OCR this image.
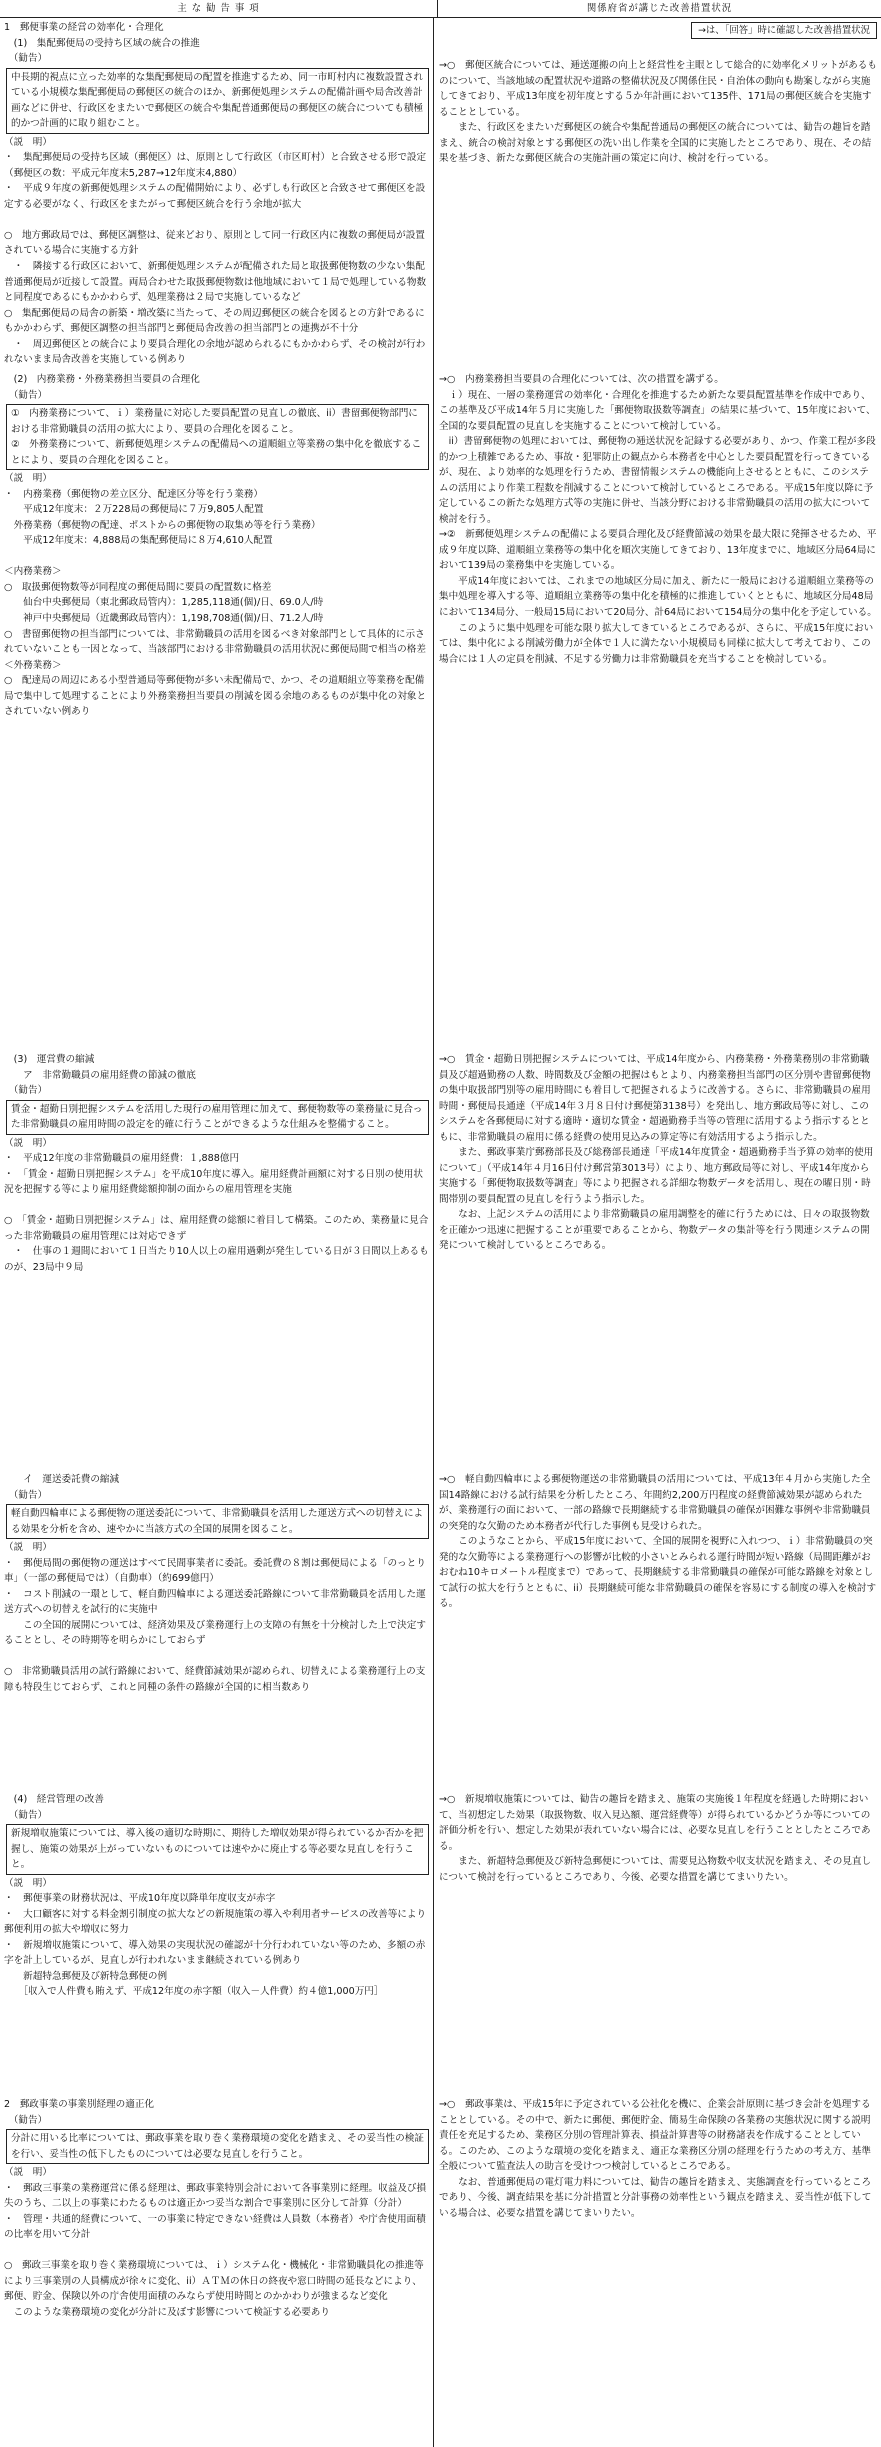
主 な 勧 告 事 項	関係府省が講じた改善措置状況
→は、「回答」時に確認した改善措置状況
1　郵便事業の経営の効率化・合理化
　(1)　集配郵便局の受持ち区域の統合の推進
　（勧告）
中長期的視点に立った効率的な集配郵便局の配置を推進するため、同一市町村内に複数設置されている小規模な集配郵便局の郵便区の統合のほか、新郵便処理システムの配備計画や局舎改善計画などに併せ、行政区をまたいで郵便区の統合や集配普通郵便局の郵便区の統合についても積極的かつ計画的に取り組むこと。
（説　明）
・　集配郵便局の受持ち区域（郵便区）は、原則として行政区（市区町村）と合致させる形で設定（郵便区の数：平成元年度末5,287→12年度末4,880）
・　平成９年度の新郵便処理システムの配備開始により、必ずしも行政区と合致させて郵便区を設定する必要がなく、行政区をまたがって郵便区統合を行う余地が拡大

○　地方郵政局では、郵便区調整は、従来どおり、原則として同一行政区内に複数の郵便局が設置されている場合に実施する方針
　・　隣接する行政区において、新郵便処理システムが配備された局と取扱郵便物数の少ない集配普通郵便局が近接して設置。両局合わせた取扱郵便物数は他地域において１局で処理している物数と同程度であるにもかかわらず、処理業務は２局で実施しているなど
○　集配郵便局の局舎の新築・増改築に当たって、その周辺郵便区の統合を図るとの方針であるにもかかわらず、郵便区調整の担当部門と郵便局舎改善の担当部門との連携が不十分
　・　周辺郵便区との統合により要員合理化の余地が認められるにもかかわらず、その検討が行われないまま局舎改善を実施している例あり
　(2)　内務業務・外務業務担当要員の合理化
　（勧告）
①　内務業務について、ｉ）業務量に対応した要員配置の見直しの徹底、ii）書留郵便物部門における非常勤職員の活用の拡大により、要員の合理化を図ること。
②　外務業務について、新郵便処理システムの配備局への道順組立等業務の集中化を徹底することにより、要員の合理化を図ること。
（説　明）
・　内務業務（郵便物の差立区分、配達区分等を行う業務）
　　平成12年度末：２万228局の郵便局に７万9,805人配置
　外務業務（郵便物の配達、ポストからの郵便物の取集め等を行う業務）
　　平成12年度末：4,888局の集配郵便局に８万4,610人配置

＜内務業務＞
○　取扱郵便物数等が同程度の郵便局間に要員の配置数に格差
　　仙台中央郵便局（東北郵政局管内）：1,285,118通(個)/日、69.0人/時
　　神戸中央郵便局（近畿郵政局管内）：1,198,708通(個)/日、71.2人/時
○　書留郵便物の担当部門については、非常勤職員の活用を図るべき対象部門として具体的に示されていないことも一因となって、当該部門における非常勤職員の活用状況に郵便局間で相当の格差
＜外務業務＞
○　配達局の周辺にある小型普通局等郵便物が多い未配備局で、かつ、その道順組立等業務を配備局で集中して処理することにより外務業務担当要員の削減を図る余地のあるものが集中化の対象とされていない例あり
　(3)　運営費の縮減
　　ア　非常勤職員の雇用経費の節減の徹底
　（勧告）
賃金・超勤日別把握システムを活用した現行の雇用管理に加えて、郵便物数等の業務量に見合った非常勤職員の雇用時間の設定を的確に行うことができるような仕組みを整備すること。
（説　明）
・　平成12年度の非常勤職員の雇用経費：１,888億円
・　「賃金・超勤日別把握システム」を平成10年度に導入。雇用経費計画額に対する日別の使用状況を把握する等により雇用経費総額抑制の面からの雇用管理を実施

○　「賃金・超勤日別把握システム」は、雇用経費の総額に着目して構築。このため、業務量に見合った非常勤職員の雇用管理には対応できず
　・　仕事の１週間において１日当たり10人以上の雇用過剰が発生している日が３日間以上あるものが、23局中９局
　　イ　運送委託費の縮減
　（勧告）
軽自動四輪車による郵便物の運送委託について、非常勤職員を活用した運送方式への切替えによる効果を分析を含め、速やかに当該方式の全国的展開を図ること。
（説　明）
・　郵便局間の郵便物の運送はすべて民間事業者に委託。委託費の８割は郵便局による「のっとり車」（一部の郵便局では）（自動車）（約699億円）
・　コスト削減の一環として、軽自動四輪車による運送委託路線について非常勤職員を活用した運送方式への切替えを試行的に実施中
　　この全国的展開については、経済効果及び業務運行上の支障の有無を十分検討した上で決定することとし、その時期等を明らかにしておらず

○　非常勤職員活用の試行路線において、経費節減効果が認められ、切替えによる業務運行上の支障も特段生じておらず、これと同種の条件の路線が全国的に相当数あり
　(4)　経営管理の改善
　（勧告）
新規増収施策については、導入後の適切な時期に、期待した増収効果が得られているか否かを把握し、施策の効果が上がっていないものについては速やかに廃止する等必要な見直しを行うこと。
（説　明）
・　郵便事業の財務状況は、平成10年度以降単年度収支が赤字
・　大口顧客に対する料金割引制度の拡大などの新規施策の導入や利用者サービスの改善等により郵便利用の拡大や増収に努力
・　新規増収施策について、導入効果の実現状況の確認が十分行われていない等のため、多額の赤字を計上しているが、見直しが行われないまま継続されている例あり
　　新超特急郵便及び新特急郵便の例
　　［収入で人件費も賄えず、平成12年度の赤字額（収入－人件費）約４億1,000万円］
2　郵政事業の事業別経理の適正化
　（勧告）
分計に用いる比率については、郵政事業を取り巻く業務環境の変化を踏まえ、その妥当性の検証を行い、妥当性の低下したものについては必要な見直しを行うこと。
（説　明）
・　郵政三事業の業務運営に係る経理は、郵政事業特別会計において各事業別に経理。収益及び損失のうち、二以上の事業にわたるものは適正かつ妥当な割合で事業別に区分して計算（分計）
・　管理・共通的経費について、一の事業に特定できない経費は人員数（本務者）や庁舎使用面積の比率を用いて分計

○　郵政三事業を取り巻く業務環境については、ｉ）システム化・機械化・非常勤職員化の推進等により三事業別の人員構成が徐々に変化、ii）ＡＴＭの休日の終夜や窓口時間の延長などにより、郵便、貯金、保険以外の庁舎使用面積のみならず使用時間とのかかわりが強まるなど変化
　このような業務環境の変化が分計に及ぼす影響について検証する必要あり
→○　郵便区統合については、逓送運搬の向上と経営性を主眼として総合的に効率化メリットがあるものについて、当該地域の配置状況や道路の整備状況及び関係住民・自治体の動向も勘案しながら実施してきており、平成13年度を初年度とする５か年計画において135件、171局の郵便区統合を実施することとしている。
　　また、行政区をまたいだ郵便区の統合や集配普通局の郵便区の統合については、勧告の趣旨を踏まえ、統合の検討対象とする郵便区の洗い出し作業を全国的に実施したところであり、現在、その結果を基づき、新たな郵便区統合の実施計画の策定に向け、検討を行っている。
→○　内務業務担当要員の合理化については、次の措置を講ずる。
　ｉ）現在、一層の業務運営の効率化・合理化を推進するため新たな要員配置基準を作成中であり、この基準及び平成14年５月に実施した「郵便物取扱数等調査」の結果に基づいて、15年度において、全国的な要員配置の見直しを実施することについて検討している。
　ii）書留郵便物の処理においては、郵便物の逓送状況を記録する必要があり、かつ、作業工程が多段的かつ上積雑であるため、事故・犯罪防止の観点から本務者を中心とした要員配置を行ってきているが、現在、より効率的な処理を行うため、書留情報システムの機能向上させるとともに、このシステムの活用により作業工程数を削減することについて検討しているところである。平成15年度以降に予定しているこの新たな処理方式等の実施に併せ、当該分野における非常勤職員の活用の拡大について検討を行う。
→②　新郵便処理システムの配備による要員合理化及び経費節減の効果を最大限に発揮させるため、平成９年度以降、道順組立業務等の集中化を順次実施してきており、13年度までに、地域区分局64局において139局の業務集中を実施している。
　　平成14年度においては、これまでの地域区分局に加え、新たに一般局における道順組立業務等の集中処理を導入する等、道順組立業務等の集中化を積極的に推進していくとともに、地域区分局48局において134局分、一般局15局において20局分、計64局において154局分の集中化を予定している。
　　このように集中処理を可能な限り拡大してきているところであるが、さらに、平成15年度においては、集中化による削減労働力が全体で１人に満たない小規模局も同様に拡大して考えており、この場合には１人の定員を削減、不足する労働力は非常勤職員を充当することを検討している。
→○　賃金・超勤日別把握システムについては、平成14年度から、内務業務・外務業務別の非常勤職員及び超過勤務の人数、時間数及び金額の把握はもとより、内務業務担当部門の区分別や書留郵便物の集中取扱部門別等の雇用時間にも着目して把握されるように改善する。さらに、非常勤職員の雇用時間・郵便局長通達（平成14年３月８日付け郵便第3138号）を発出し、地方郵政局等に対し、このシステムを各郵便局に対する適時・適切な賃金・超過勤務手当等の管理に活用するよう指示するとともに、非常勤職員の雇用に係る経費の使用見込みの算定等に有効活用するよう指示した。
　　また、郵政事業庁郵務部長及び総務部長通達「平成14年度賃金・超過勤務手当予算の効率的使用について」（平成14年４月16日付け郵営第3013号）により、地方郵政局等に対し、平成14年度から実施する「郵便物取扱数等調査」等により把握される詳細な物数データを活用し、現在の曜日別・時間帯別の要員配置の見直しを行うよう指示した。
　　なお、上記システムの活用により非常勤職員の雇用調整を的確に行うためには、日々の取扱物数を正確かつ迅速に把握することが重要であることから、物数データの集計等を行う関連システムの開発について検討しているところである。
→○　軽自動四輪車による郵便物運送の非常勤職員の活用については、平成13年４月から実施した全国14路線における試行結果を分析したところ、年間約2,200万円程度の経費節減効果が認められたが、業務運行の面において、一部の路線で長期継続する非常勤職員の確保が困難な事例や非常勤職員の突発的な欠勤のため本務者が代行した事例も見受けられた。
　　このようなことから、平成15年度において、全国的展開を視野に入れつつ、ｉ）非常勤職員の突発的な欠勤等による業務運行への影響が比較的小さいとみられる運行時間が短い路線（局間距離がおおむね10キロメートル程度まで）であって、長期継続する非常勤職員の確保が可能な路線を対象として試行の拡大を行うとともに、ii）長期継続可能な非常勤職員の確保を容易にする制度の導入を検討する。
→○　新規増収施策については、勧告の趣旨を踏まえ、施策の実施後１年程度を経過した時期において、当初想定した効果（取扱物数、収入見込額、運営経費等）が得られているかどうか等についての評価分析を行い、想定した効果が表れていない場合には、必要な見直しを行うこととしたところである。
　　また、新超特急郵便及び新特急郵便については、需要見込物数や収支状況を踏まえ、その見直しについて検討を行っているところであり、今後、必要な措置を講じてまいりたい。
→○　郵政事業は、平成15年に予定されている公社化を機に、企業会計原則に基づき会計を処理することとしている。その中で、新たに郵便、郵便貯金、簡易生命保険の各業務の実態状況に関する説明責任を充足するため、業務区分別の管理計算表、損益計算書等の財務諸表を作成することとしている。このため、このような環境の変化を踏まえ、適正な業務区分別の経理を行うための考え方、基準全般について監査法人の助言を受けつつ検討しているところである。
　　なお、普通郵便局の電灯電力料については、勧告の趣旨を踏まえ、実態調査を行っているところであり、今後、調査結果を基に分計措置と分計事務の効率性という観点を踏まえ、妥当性が低下している場合は、必要な措置を講じてまいりたい。
